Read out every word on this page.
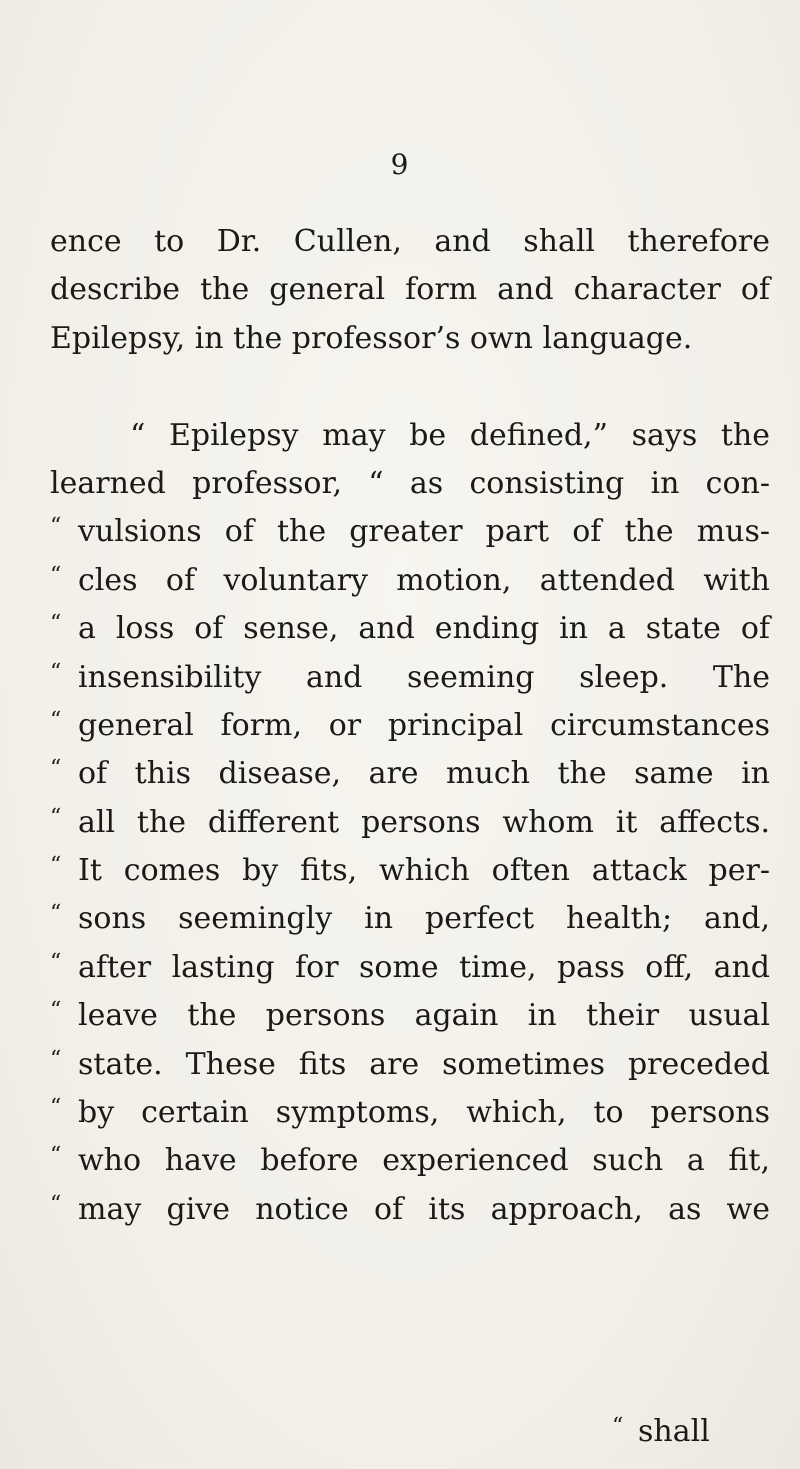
9
ence to Dr. Cullen, and shall therefore
describe the general form and character of
Epilepsy, in the professor’s own language.
“ Epilepsy may be defined,” says the
learned professor, “ as consisting in con-
“ vulsions of the greater part of the mus-
“ cles of voluntary motion, attended with
“ a loss of sense, and ending in a state of
“ insensibility and seeming sleep. The
“ general form, or principal circumstances
“ of this disease, are much the same in
“ all the different persons whom it affects.
“ It comes by fits, which often attack per-
“ sons seemingly in perfect health; and,
“ after lasting for some time, pass off, and
“ leave the persons again in their usual
“ state. These fits are sometimes preceded
“ by certain symptoms, which, to persons
“ who have before experienced such a fit,
“ may give notice of its approach, as we
“ shall
